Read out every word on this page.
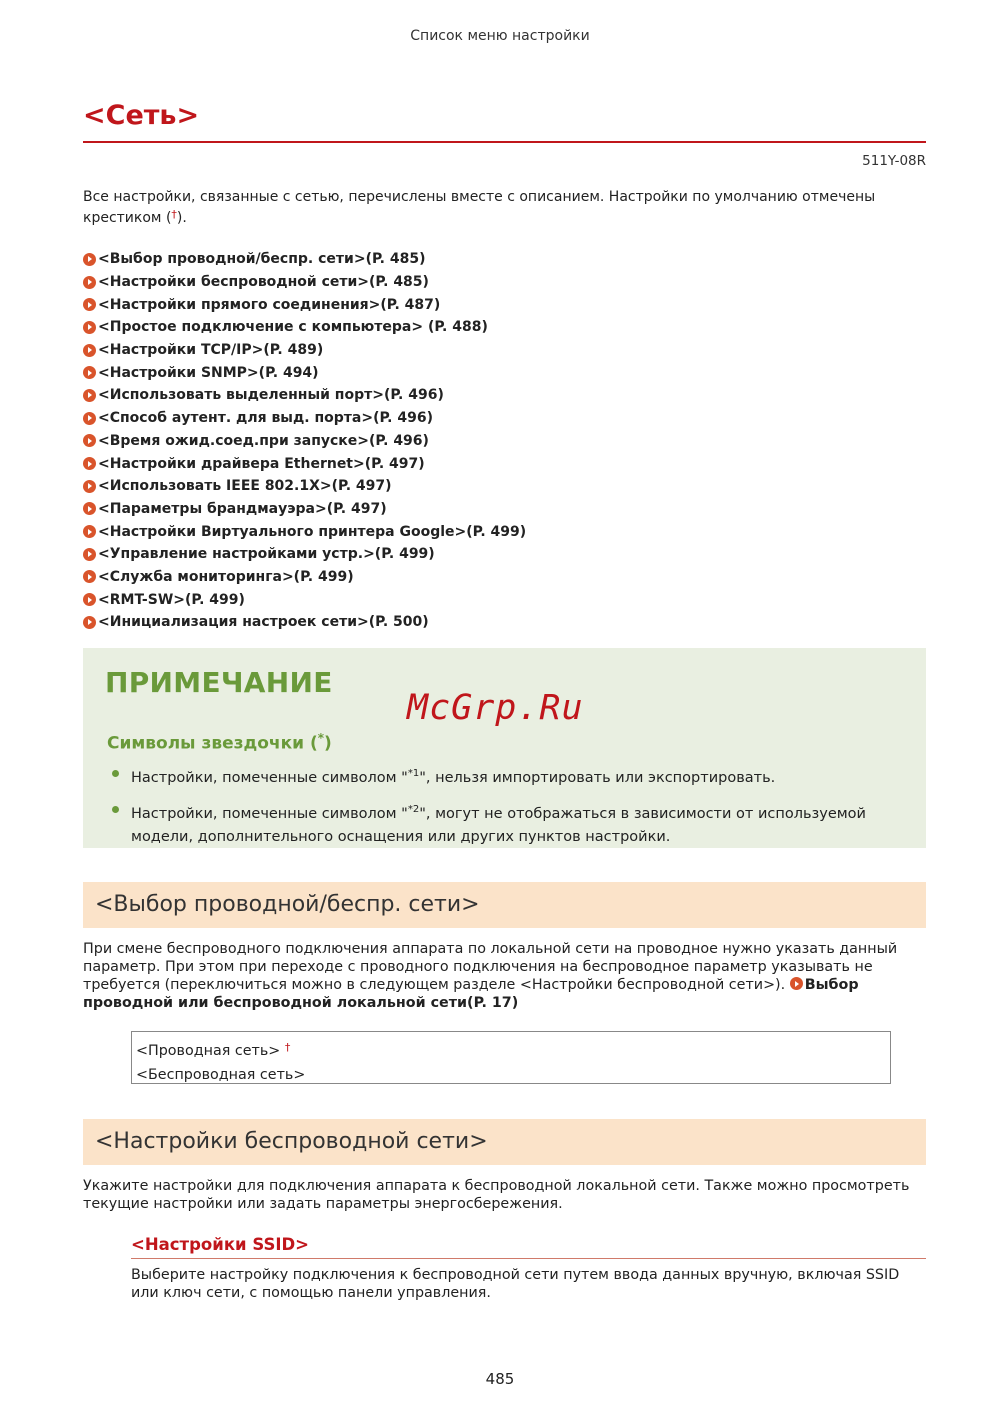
Список меню настройки
<Сеть>
511Y-08R
Все настройки, связанные с сетью, перечислены вместе с описанием. Настройки по умолчанию отмечены крестиком (†).
<Выбор проводной/беспр. сети>(P. 485)
<Настройки беспроводной сети>(P. 485)
<Настройки прямого соединения>(P. 487)
<Простое подключение с компьютера> (P. 488)
<Настройки TCP/IP>(P. 489)
<Настройки SNMP>(P. 494)
<Использовать выделенный порт>(P. 496)
<Способ аутент. для выд. порта>(P. 496)
<Время ожид.соед.при запуске>(P. 496)
<Настройки драйвера Ethernet>(P. 497)
<Использовать IEEE 802.1X>(P. 497)
<Параметры брандмауэра>(P. 497)
<Настройки Виртуального принтера Google>(P. 499)
<Управление настройками устр.>(P. 499)
<Служба мониторинга>(P. 499)
<RMT-SW>(P. 499)
<Инициализация настроек сети>(P. 500)
ПРИМЕЧАНИЕ
McGrp.Ru
Символы звездочки (*)
Настройки, помеченные символом "$^{*1}$", нельзя импортировать или экспортировать.
Настройки, помеченные символом "$^{*2}$", могут не отображаться в зависимости от используемой модели, дополнительного оснащения или других пунктов настройки.
<Выбор проводной/беспр. сети>
При смене беспроводного подключения аппарата по локальной сети на проводное нужно указать данный параметр. При этом при переходе с проводного подключения на беспроводное параметр указывать не требуется (переключиться можно в следующем разделе <Настройки беспроводной сети>). Выбор проводной или беспроводной локальной сети(P. 17)
<Проводная сеть> †
<Беспроводная сеть>
<Настройки беспроводной сети>
Укажите настройки для подключения аппарата к беспроводной локальной сети. Также можно просмотреть текущие настройки или задать параметры энергосбережения.
<Настройки SSID>
Выберите настройку подключения к беспроводной сети путем ввода данных вручную, включая SSID или ключ сети, с помощью панели управления.
485
